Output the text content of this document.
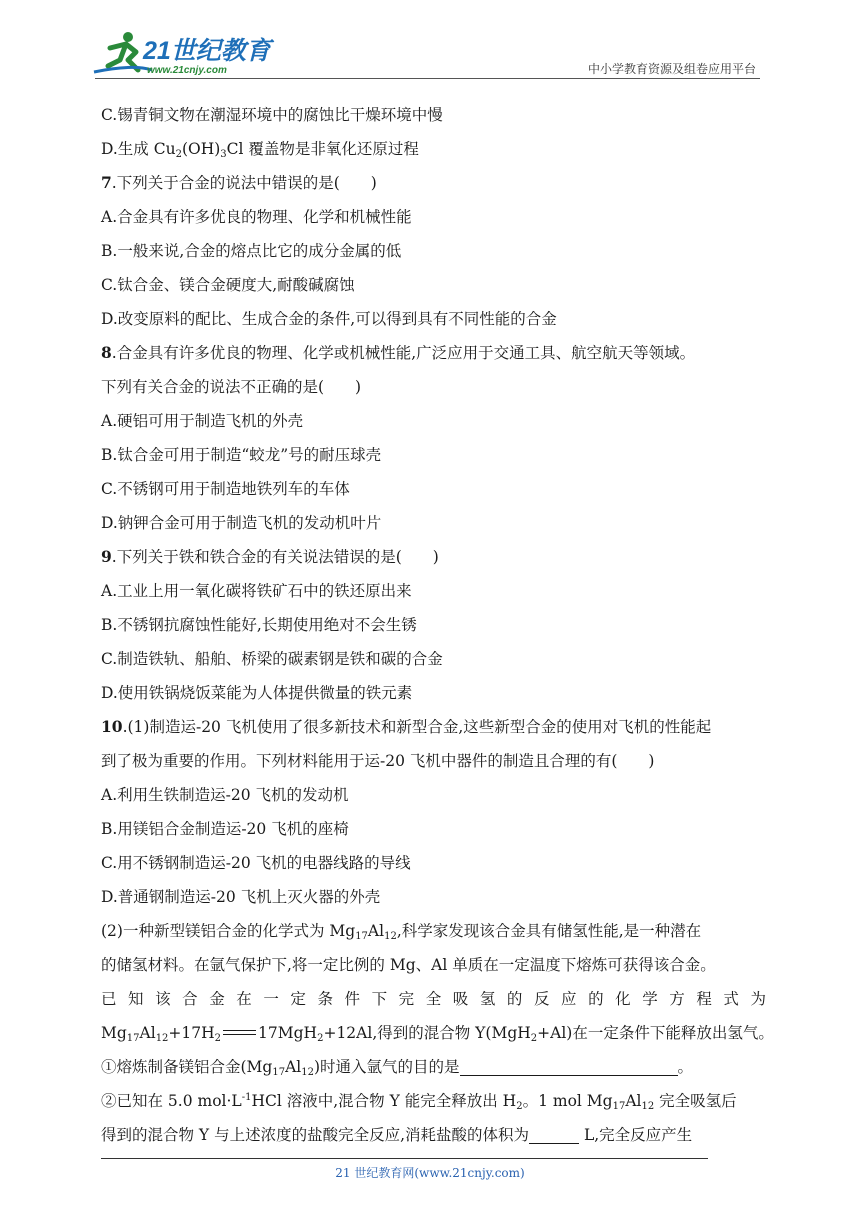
21世纪教育
www.21cnjy.com	中小学教育资源及组卷应用平台
C.锡青铜文物在潮湿环境中的腐蚀比干燥环境中慢
D.生成 $Cu_2(OH)_3Cl$ 覆盖物是非氧化还原过程
7.下列关于合金的说法中错误的是(　　)
A.合金具有许多优良的物理、化学和机械性能
B.一般来说,合金的熔点比它的成分金属的低
C.钛合金、镁合金硬度大,耐酸碱腐蚀
D.改变原料的配比、生成合金的条件,可以得到具有不同性能的合金
8.合金具有许多优良的物理、化学或机械性能,广泛应用于交通工具、航空航天等领域。
下列有关合金的说法不正确的是(　　)
A.硬铝可用于制造飞机的外壳
B.钛合金可用于制造“蛟龙”号的耐压球壳
C.不锈钢可用于制造地铁列车的车体
D.钠钾合金可用于制造飞机的发动机叶片
9.下列关于铁和铁合金的有关说法错误的是(　　)
A.工业上用一氧化碳将铁矿石中的铁还原出来
B.不锈钢抗腐蚀性能好,长期使用绝对不会生锈
C.制造铁轨、船舶、桥梁的碳素钢是铁和碳的合金
D.使用铁锅烧饭菜能为人体提供微量的铁元素
10.(1)制造运-20 飞机使用了很多新技术和新型合金,这些新型合金的使用对飞机的性能起
到了极为重要的作用。下列材料能用于运-20 飞机中器件的制造且合理的有(　　)
A.利用生铁制造运-20 飞机的发动机
B.用镁铝合金制造运-20 飞机的座椅
C.用不锈钢制造运-20 飞机的电器线路的导线
D.普通钢制造运-20 飞机上灭火器的外壳
(2)一种新型镁铝合金的化学式为 $Mg_{17}Al_{12}$,科学家发现该合金具有储氢性能,是一种潜在
的储氢材料。在氩气保护下,将一定比例的 Mg、Al 单质在一定温度下熔炼可获得该合金。
已 知 该 合 金 在 一 定 条 件 下 完 全 吸 氢 的 反 应 的 化 学 方 程 式 为
$Mg_{17}Al_{12}+17H_2$   17MgH$_2$+12Al,得到的混合物 Y(MgH$_2$+Al)在一定条件下能释放出氢气。
①熔炼制备镁铝合金$(Mg_{17}Al_{12})$时通入氩气的目的是	。
②已知在 5.0 $mol\cdot L^{-1}HCl$ 溶液中,混合物 Y 能完全释放出 $H_2$。1 mol $Mg_{17}Al_{12}$ 完全吸氢后
得到的混合物 Y 与上述浓度的盐酸完全反应,消耗盐酸的体积为	L,完全反应产生
21 世纪教育网(www.21cnjy.com)
